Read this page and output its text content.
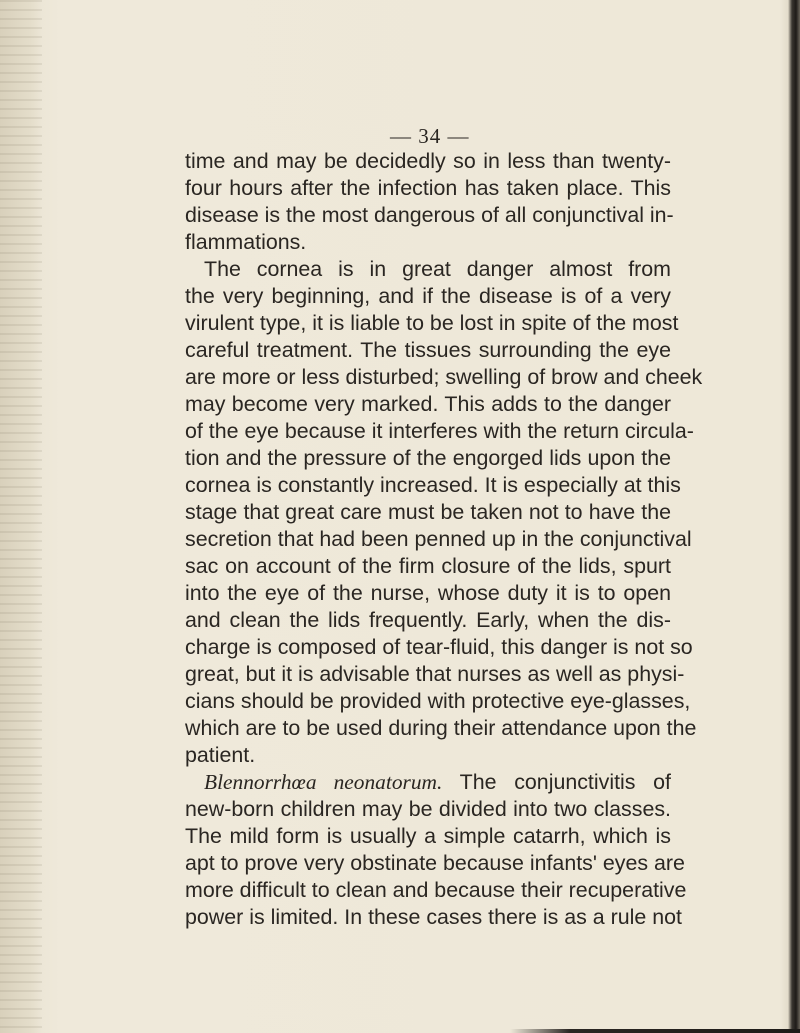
— 34 —
time and may be decidedly so in less than twenty-
four hours after the infection has taken place. This
disease is the most dangerous of all conjunctival in-
flammations.
The cornea is in great danger almost from
the very beginning, and if the disease is of a very
virulent type, it is liable to be lost in spite of the most
careful treatment. The tissues surrounding the eye
are more or less disturbed; swelling of brow and cheek
may become very marked. This adds to the danger
of the eye because it interferes with the return circula-
tion and the pressure of the engorged lids upon the
cornea is constantly increased. It is especially at this
stage that great care must be taken not to have the
secretion that had been penned up in the conjunctival
sac on account of the firm closure of the lids, spurt
into the eye of the nurse, whose duty it is to open
and clean the lids frequently. Early, when the dis-
charge is composed of tear-fluid, this danger is not so
great, but it is advisable that nurses as well as physi-
cians should be provided with protective eye-glasses,
which are to be used during their attendance upon the
patient.
Blennorrhœa neonatorum. The conjunctivitis of
new-born children may be divided into two classes.
The mild form is usually a simple catarrh, which is
apt to prove very obstinate because infants' eyes are
more difficult to clean and because their recuperative
power is limited. In these cases there is as a rule not
